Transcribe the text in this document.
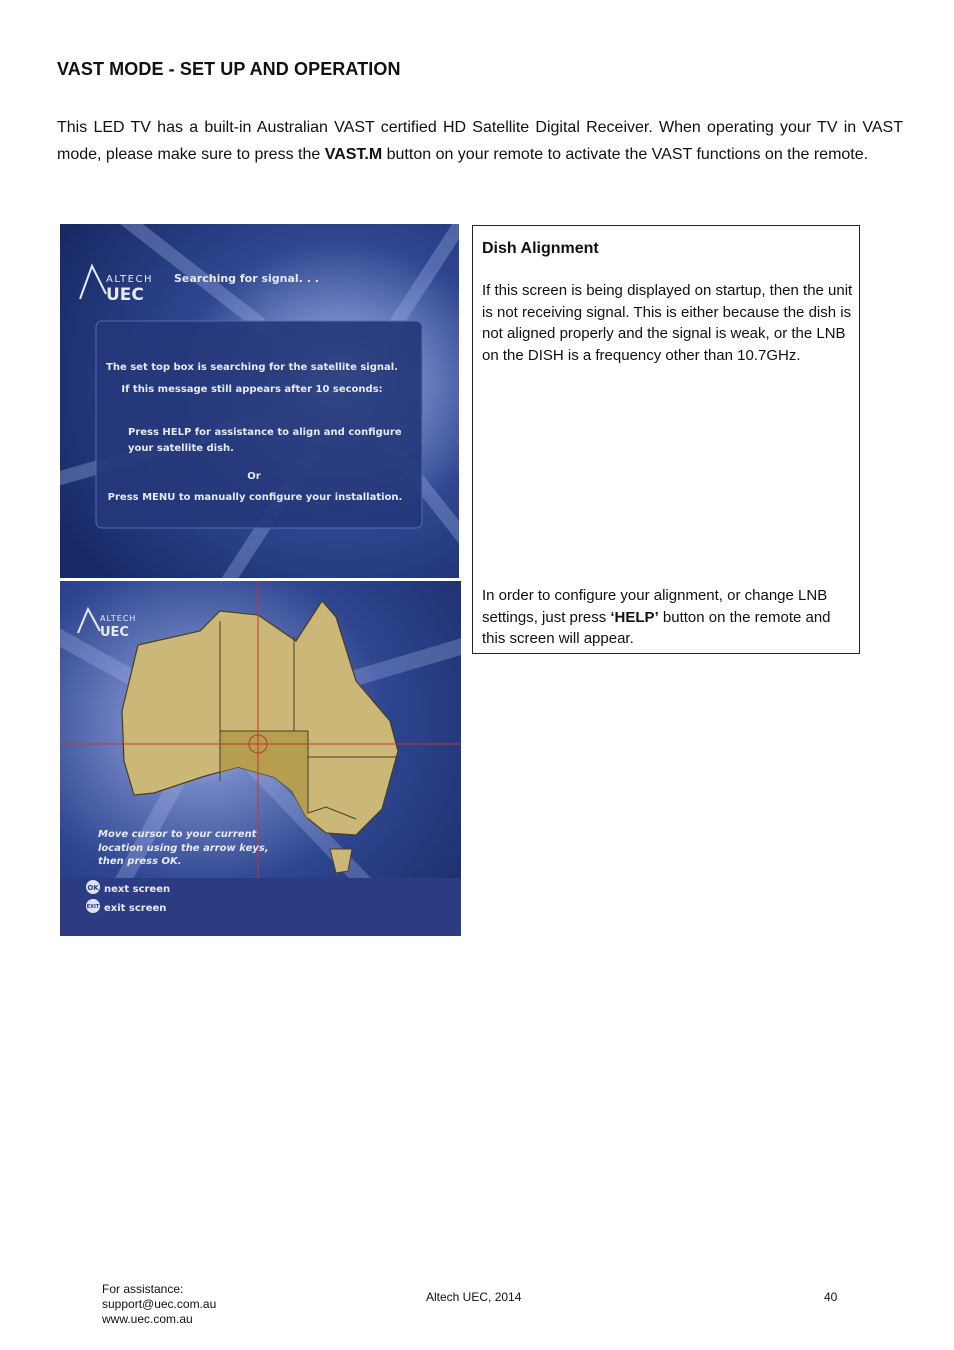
VAST MODE - SET UP AND OPERATION
This LED TV has a built-in Australian VAST certified HD Satellite Digital Receiver. When operating your TV in VAST mode, please make sure to press the VAST.M button on your remote to activate the VAST functions on the remote.
ALTECH
UEC
Searching for signal. . .
The set top box is searching for the satellite signal.
If this message still appears after 10 seconds:
Press HELP for assistance to align and configure
your satellite dish.
Or
Press MENU to manually configure your installation.
ALTECH
UEC
Move cursor to your current
location using the arrow keys,
then press OK.
OK next screen
EXIT exit screen
Dish Alignment
If this screen is being displayed on startup, then the unit is not receiving signal. This is either because the dish is not aligned properly and the signal is weak, or the LNB on the DISH is a frequency other than 10.7GHz.
In order to configure your alignment, or change LNB settings, just press ‘HELP’ button on the remote and this screen will appear.
For assistance:
support@uec.com.au
www.uec.com.au
Altech UEC, 2014	40
